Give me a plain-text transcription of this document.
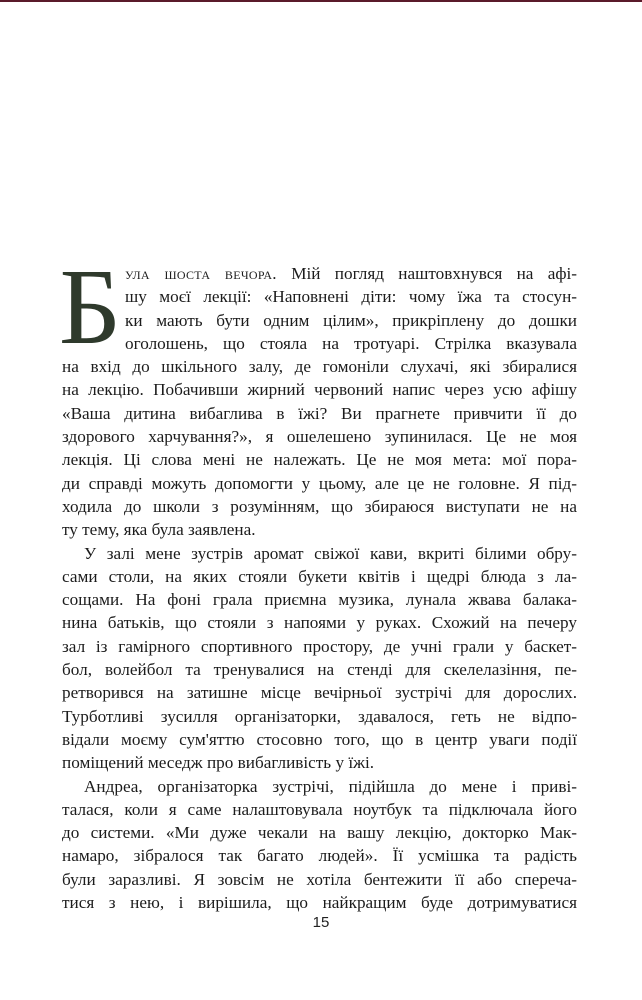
Б ула шоста вечора. Мій погляд наштовхнувся на афі-
шу моєї лекції: «Наповнені діти: чому їжа та стосун-
ки мають бути одним цілим», прикріплену до дошки
оголошень, що стояла на тротуарі. Стрілка вказувала
на вхід до шкільного залу, де гомоніли слухачі, які збиралися
на лекцію. Побачивши жирний червоний напис через усю афішу
«Ваша дитина вибаглива в їжі? Ви прагнете привчити її до
здорового харчування?», я ошелешено зупинилася. Це не моя
лекція. Ці слова мені не належать. Це не моя мета: мої пора-
ди справді можуть допомогти у цьому, але це не головне. Я під-
ходила до школи з розумінням, що збираюся виступати не на
ту тему, яка була заявлена.
У залі мене зустрів аромат свіжої кави, вкриті білими обру-
сами столи, на яких стояли букети квітів і щедрі блюда з ла-
сощами. На фоні грала приємна музика, лунала жвава балака-
нина батьків, що стояли з напоями у руках. Схожий на печеру
зал із гамірного спортивного простору, де учні грали у баскет-
бол, волейбол та тренувалися на стенді для скелелазіння, пе-
ретворився на затишне місце вечірньої зустрічі для дорослих.
Турботливі зусилля організаторки, здавалося, геть не відпо-
відали моєму сум'яттю стосовно того, що в центр уваги події
поміщений меседж про вибагливість у їжі.
Андреа, організаторка зустрічі, підійшла до мене і приві-
талася, коли я саме налаштовувала ноутбук та підключала його
до системи. «Ми дуже чекали на вашу лекцію, докторко Мак-
намаро, зібралося так багато людей». Її усмішка та радість
були заразливі. Я зовсім не хотіла бентежити її або сперечa-
тися з нею, і вирішила, що найкращим буде дотримуватися
15
